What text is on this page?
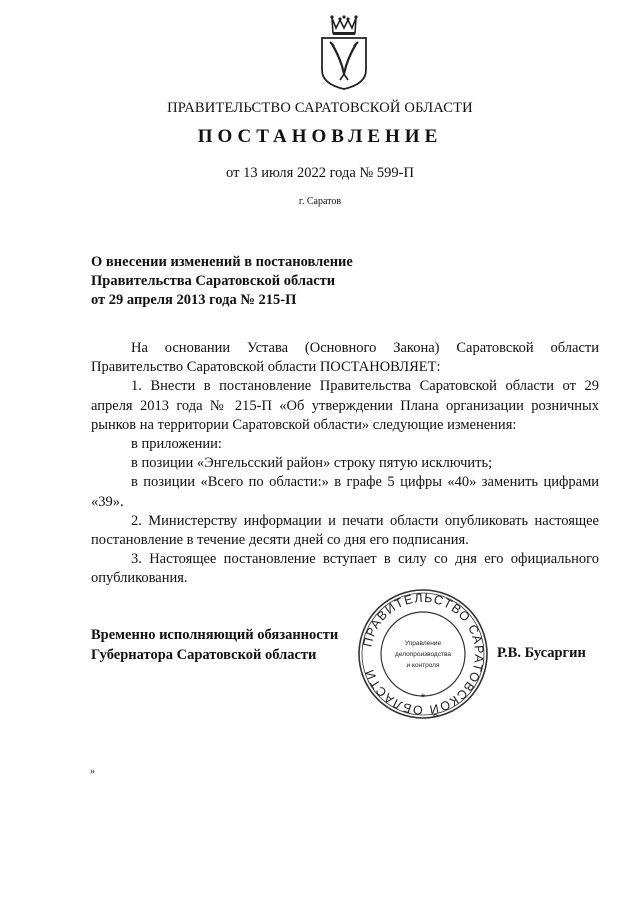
ПРАВИТЕЛЬСТВО САРАТОВСКОЙ ОБЛАСТИ
ПОСТАНОВЛЕНИЕ
от 13 июля 2022 года № 599-П
г. Саратов
О внесении изменений в постановление
Правительства Саратовской области
от 29 апреля 2013 года № 215-П

На основании Устава (Основного Закона) Саратовской области Правительство Саратовской области ПОСТАНОВЛЯЕТ:

1. Внести в постановление Правительства Саратовской области от 29 апреля 2013 года № 215-П «Об утверждении Плана организации розничных рынков на территории Саратовской области» следующие изменения:

в приложении:

в позиции «Энгельсский район» строку пятую исключить;

в позиции «Всего по области:» в графе 5 цифры «40» заменить цифрами «39».

2. Министерству информации и печати области опубликовать настоящее постановление в течение десяти дней со дня его подписания.

3. Настоящее постановление вступает в силу со дня его официального опубликования.

Временно исполняющий обязанности
Губернатора Саратовской области	Р.В. Бусаргин
ПРАВИТЕЛЬСТВО САРАТОВСКОЙ ОБЛАСТИ
Управление
делопроизводства
и контроля
*
»
